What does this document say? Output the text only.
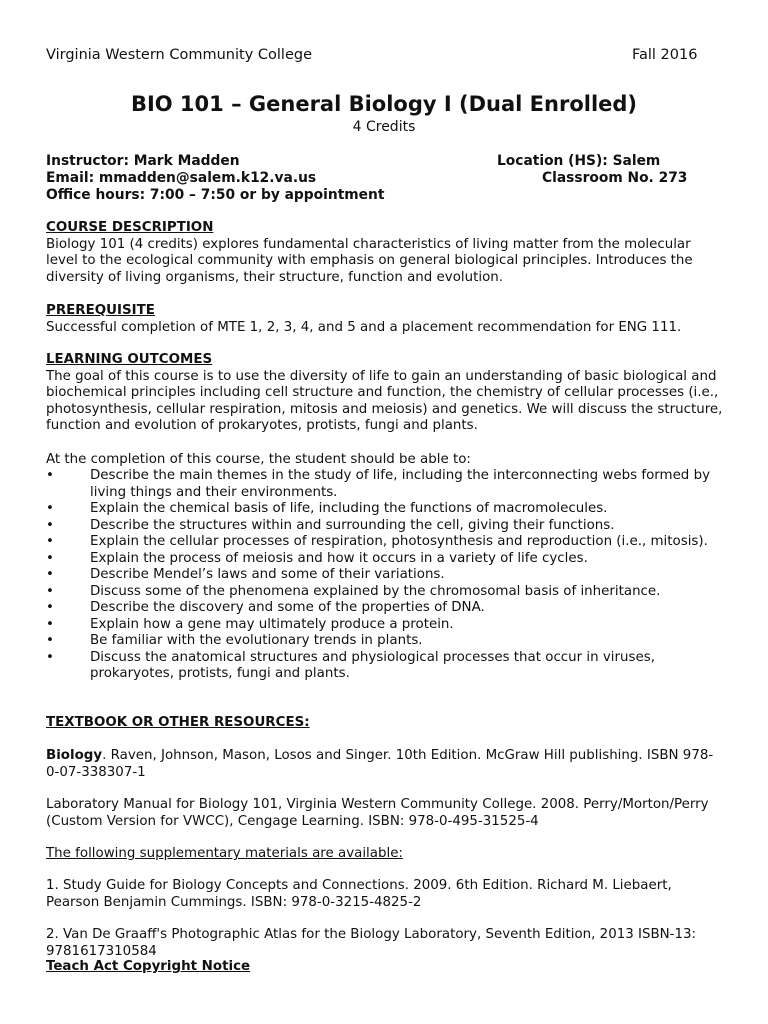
Virginia Western Community College	Fall 2016
BIO 101 – General Biology I (Dual Enrolled)
4 Credits
Instructor: Mark Madden
Email: mmadden@salem.k12.va.us
Office hours: 7:00 – 7:50 or by appointment
Location (HS): Salem
Classroom No. 273
COURSE DESCRIPTION
Biology 101 (4 credits) explores fundamental characteristics of living matter from the molecular level to the ecological community with emphasis on general biological principles. Introduces the diversity of living organisms, their structure, function and evolution.
PREREQUISITE
Successful completion of MTE 1, 2, 3, 4, and 5 and a placement recommendation for ENG 111.
LEARNING OUTCOMES
The goal of this course is to use the diversity of life to gain an understanding of basic biological and biochemical principles including cell structure and function, the chemistry of cellular processes (i.e., photosynthesis, cellular respiration, mitosis and meiosis) and genetics. We will discuss the structure, function and evolution of prokaryotes, protists, fungi and plants.
At the completion of this course, the student should be able to:
•	Describe the main themes in the study of life, including the interconnecting webs formed by living things and their environments.
•	Explain the chemical basis of life, including the functions of macromolecules.
•	Describe the structures within and surrounding the cell, giving their functions.
•	Explain the cellular processes of respiration, photosynthesis and reproduction (i.e., mitosis).
•	Explain the process of meiosis and how it occurs in a variety of life cycles.
•	Describe Mendel’s laws and some of their variations.
•	Discuss some of the phenomena explained by the chromosomal basis of inheritance.
•	Describe the discovery and some of the properties of DNA.
•	Explain how a gene may ultimately produce a protein.
•	Be familiar with the evolutionary trends in plants.
•	Discuss the anatomical structures and physiological processes that occur in viruses, prokaryotes, protists, fungi and plants.
TEXTBOOK OR OTHER RESOURCES:
Biology. Raven, Johnson, Mason, Losos and Singer. 10th Edition. McGraw Hill publishing. ISBN 978-0-07-338307-1
Laboratory Manual for Biology 101, Virginia Western Community College. 2008. Perry/Morton/Perry (Custom Version for VWCC), Cengage Learning. ISBN: 978-0-495-31525-4
The following supplementary materials are available:
1. Study Guide for Biology Concepts and Connections. 2009. 6th Edition. Richard M. Liebaert, Pearson Benjamin Cummings. ISBN: 978-0-3215-4825-2
2. Van De Graaff's Photographic Atlas for the Biology Laboratory, Seventh Edition, 2013 ISBN-13: 9781617310584
Teach Act Copyright Notice
